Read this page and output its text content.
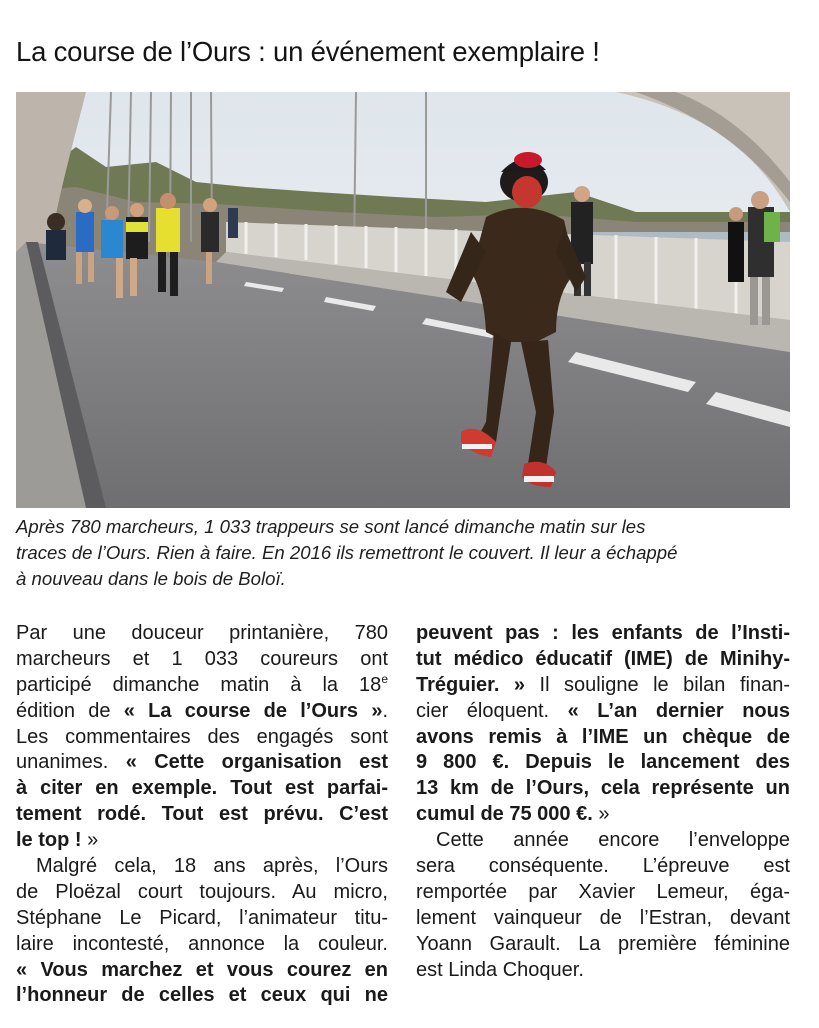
La course de l’Ours : un événement exemplaire !

Après 780 marcheurs, 1 033 trappeurs se sont lancé dimanche matin sur les
traces de l’Ours. Rien à faire. En 2016 ils remettront le couvert. Il leur a échappé
à nouveau dans le bois de Boloï.

Par une douceur printanière, 780
marcheurs et 1 033 coureurs ont
participé dimanche matin à la 18e
édition de « La course de l’Ours ».
Les commentaires des engagés sont
unanimes. « Cette organisation est
à citer en exemple. Tout est parfai-
tement rodé. Tout est prévu. C’est
le top ! »
Malgré cela, 18 ans après, l’Ours
de Ploëzal court toujours. Au micro,
Stéphane Le Picard, l’animateur titu-
laire incontesté, annonce la couleur.
« Vous marchez et vous courez en
l’honneur de celles et ceux qui ne
peuvent pas : les enfants de l’Insti-
tut médico éducatif (IME) de Minihy-
Tréguier. » Il souligne le bilan finan-
cier éloquent. « L’an dernier nous
avons remis à l’IME un chèque de
9 800 €. Depuis le lancement des
13 km de l’Ours, cela représente un
cumul de 75 000 €. »
Cette année encore l’enveloppe
sera conséquente. L’épreuve est
remportée par Xavier Lemeur, éga-
lement vainqueur de l’Estran, devant
Yoann Garault. La première féminine
est Linda Choquer.
